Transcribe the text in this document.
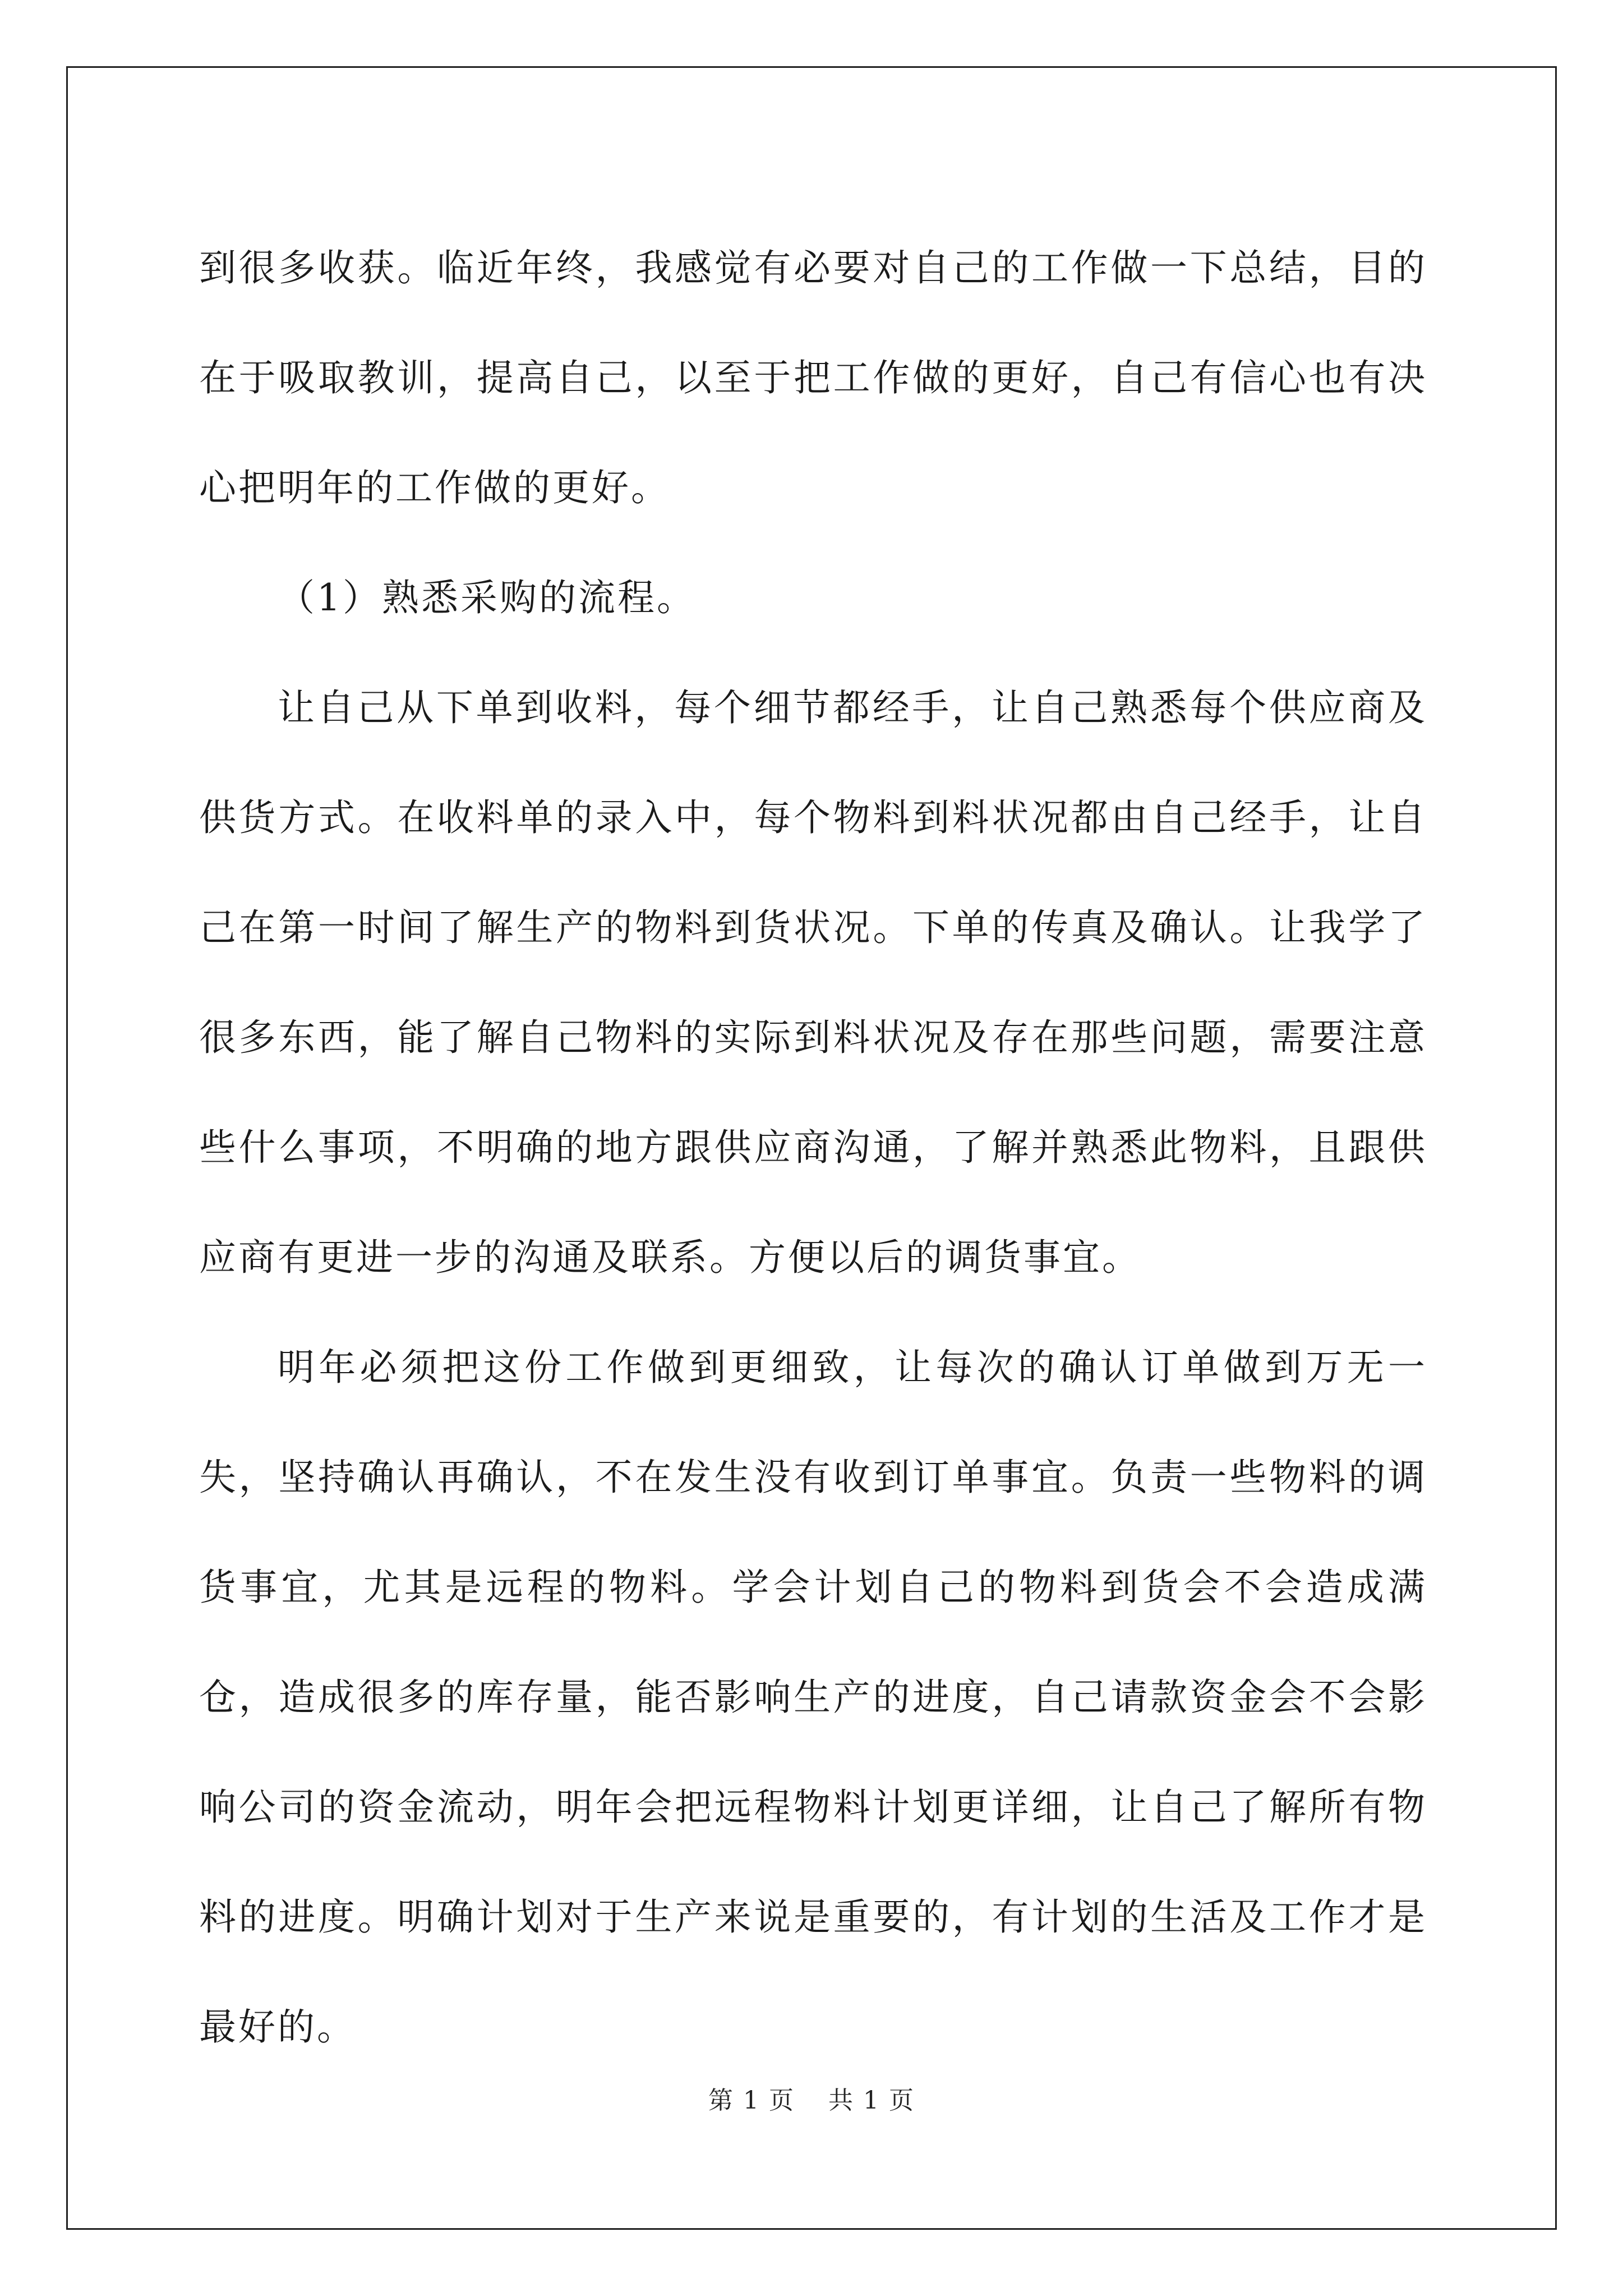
到很多收获。临近年终，我感觉有必要对自己的工作做一下总结，目的在于吸取教训，提高自己，以至于把工作做的更好，自己有信心也有决心把明年的工作做的更好。

（1）熟悉采购的流程。

让自己从下单到收料，每个细节都经手，让自己熟悉每个供应商及供货方式。在收料单的录入中，每个物料到料状况都由自己经手，让自己在第一时间了解生产的物料到货状况。下单的传真及确认。让我学了很多东西，能了解自己物料的实际到料状况及存在那些问题，需要注意些什么事项，不明确的地方跟供应商沟通，了解并熟悉此物料，且跟供应商有更进一步的沟通及联系。方便以后的调货事宜。

明年必须把这份工作做到更细致，让每次的确认订单做到万无一失，坚持确认再确认，不在发生没有收到订单事宜。负责一些物料的调货事宜，尤其是远程的物料。学会计划自己的物料到货会不会造成满仓，造成很多的库存量，能否影响生产的进度，自己请款资金会不会影响公司的资金流动，明年会把远程物料计划更详细，让自己了解所有物料的进度。明确计划对于生产来说是重要的，有计划的生活及工作才是最好的。

第 1 页 共 1 页
